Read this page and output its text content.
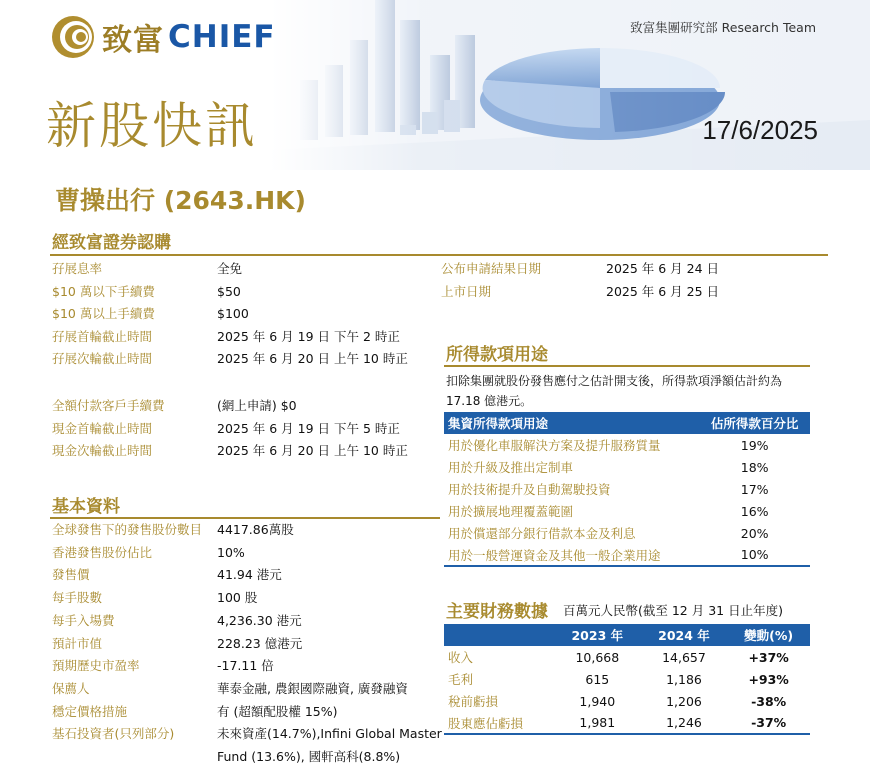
致富 CHIEF	致富集團研究部 Research Team
新股快訊	17/6/2025
曹操出行 (2643.HK)
經致富證券認購
孖展息率	全免
$10 萬以下手續費	$50
$10 萬以上手續費	$100
孖展首輪截止時間	2025 年 6 月 19 日 下午 2 時正
孖展次輪截止時間	2025 年 6 月 20 日 上午 10 時正
全額付款客戶手續費	(網上申請) $0
現金首輪截止時間	2025 年 6 月 19 日 下午 5 時正
現金次輪截止時間	2025 年 6 月 20 日 上午 10 時正
公布申請結果日期	2025 年 6 月 24 日
上市日期	2025 年 6 月 25 日
基本資料
全球發售下的發售股份數目 4417.86萬股
香港發售股份佔比	10%
發售價	41.94 港元
每手股數	100 股
每手入場費	4,236.30 港元
預計市值	228.23 億港元
預期歷史市盈率	-17.11 倍
保薦人	華泰金融, 農銀國際融資, 廣發融資
穩定價格措施	有 (超額配股權 15%)
基石投資者(只列部分)	未來資產(14.7%),Infini Global Master
Fund (13.6%), 國軒高科(8.8%)
所得款項用途
扣除集團就股份發售應付之估計開支後，所得款項淨額估計約為
17.18 億港元。
集資所得款項用途	佔所得款百分比
用於優化車服解決方案及提升服務質量	19%
用於升級及推出定制車	18%
用於技術提升及自動駕駛投資	17%
用於擴展地理覆蓋範圍	16%
用於償還部分銀行借款本金及利息	20%
用於一般營運資金及其他一般企業用途	10%
主要財務數據 百萬元人民幣(截至 12 月 31 日止年度)
	2023 年	2024 年	變動(%)
收入	10,668	14,657	+37%
毛利	615	1,186	+93%
稅前虧損	1,940	1,206	-38%
股東應佔虧損	1,981	1,246	-37%
